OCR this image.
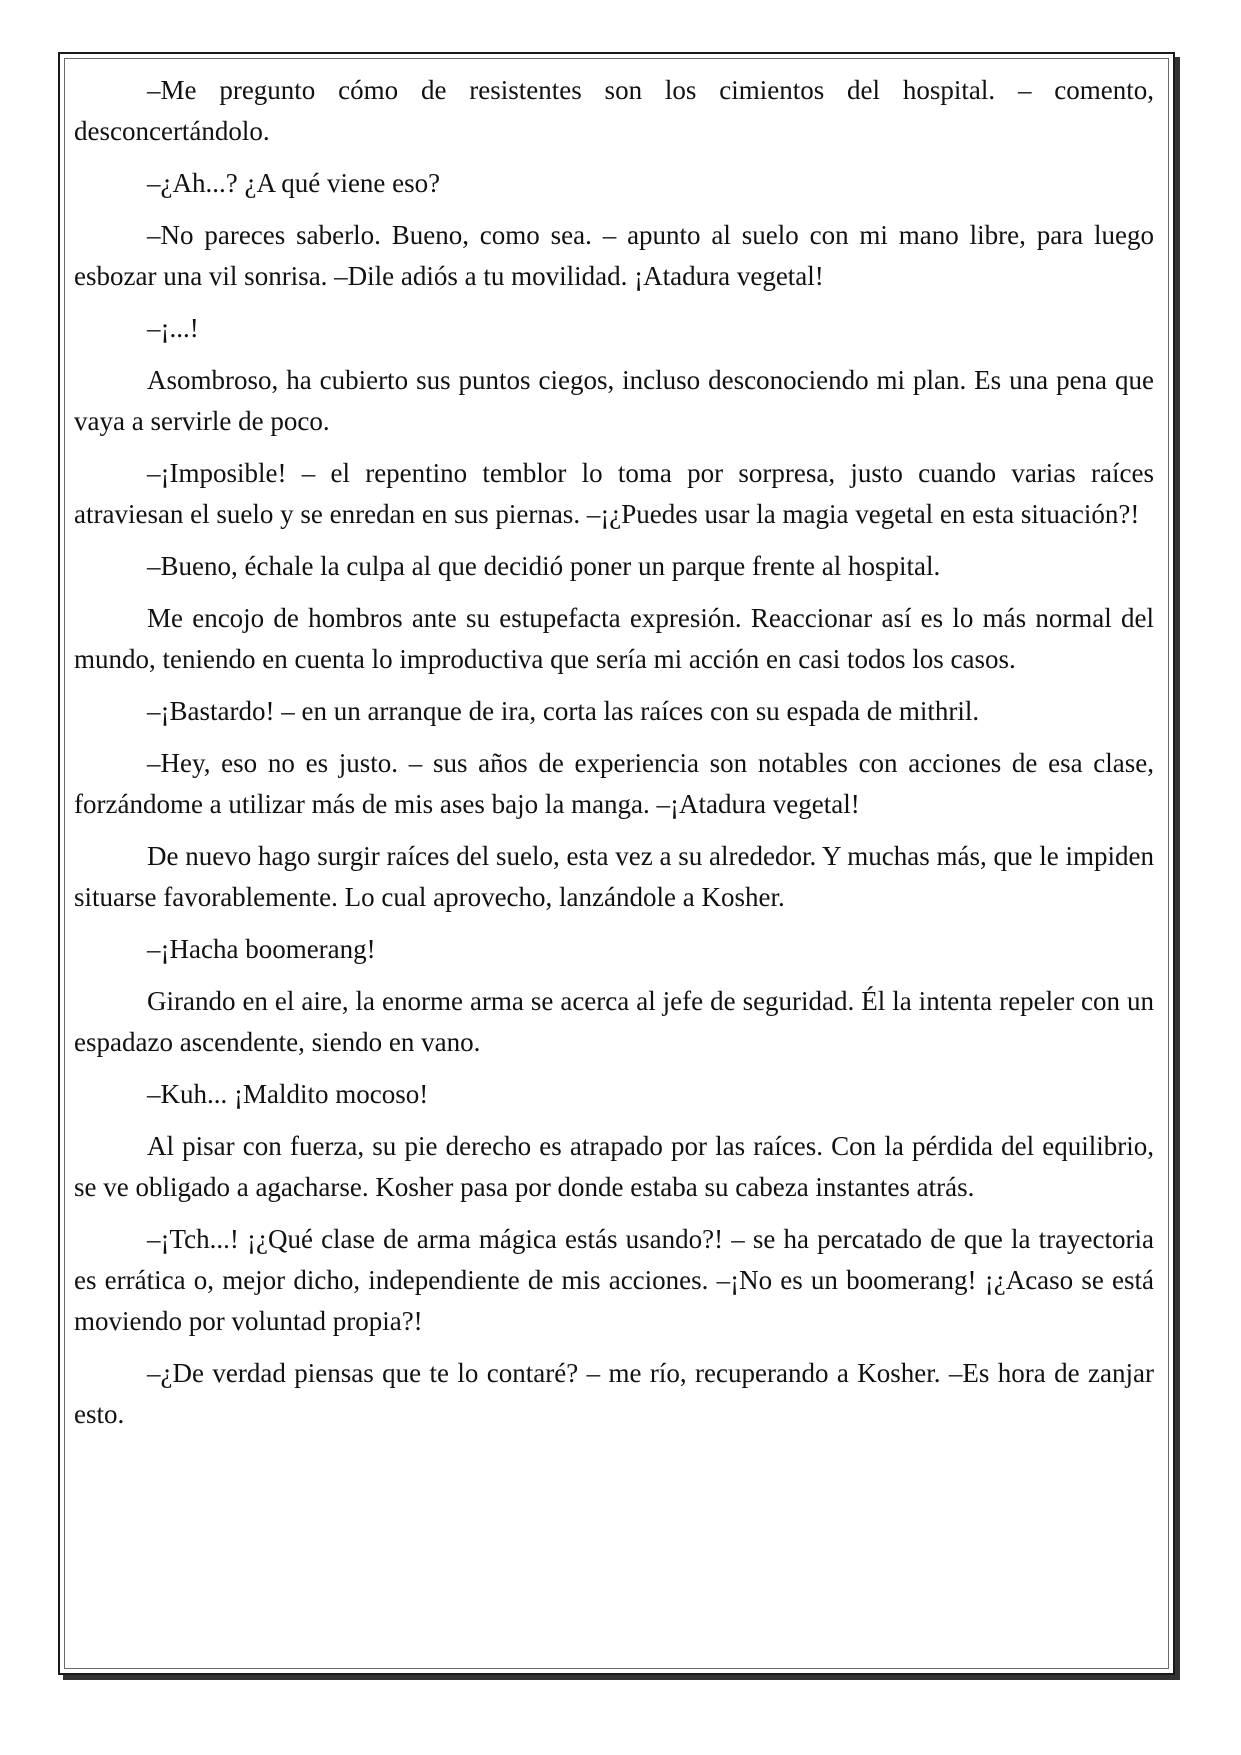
–Me pregunto cómo de resistentes son los cimientos del hospital. – comento, desconcertándolo.

–¿Ah...? ¿A qué viene eso?

–No pareces saberlo. Bueno, como sea. – apunto al suelo con mi mano libre, para luego esbozar una vil sonrisa. –Dile adiós a tu movilidad. ¡Atadura vegetal!

–¡...!

Asombroso, ha cubierto sus puntos ciegos, incluso desconociendo mi plan. Es una pena que vaya a servirle de poco.

–¡Imposible! – el repentino temblor lo toma por sorpresa, justo cuando varias raíces atraviesan el suelo y se enredan en sus piernas. –¡¿Puedes usar la magia vegetal en esta situación?!

–Bueno, échale la culpa al que decidió poner un parque frente al hospital.

Me encojo de hombros ante su estupefacta expresión. Reaccionar así es lo más normal del mundo, teniendo en cuenta lo improductiva que sería mi acción en casi todos los casos.

–¡Bastardo! – en un arranque de ira, corta las raíces con su espada de mithril.

–Hey, eso no es justo. – sus años de experiencia son notables con acciones de esa clase, forzándome a utilizar más de mis ases bajo la manga. –¡Atadura vegetal!

De nuevo hago surgir raíces del suelo, esta vez a su alrededor. Y muchas más, que le impiden situarse favorablemente. Lo cual aprovecho, lanzándole a Kosher.

–¡Hacha boomerang!

Girando en el aire, la enorme arma se acerca al jefe de seguridad. Él la intenta repeler con un espadazo ascendente, siendo en vano.

–Kuh... ¡Maldito mocoso!

Al pisar con fuerza, su pie derecho es atrapado por las raíces. Con la pérdida del equilibrio, se ve obligado a agacharse. Kosher pasa por donde estaba su cabeza instantes atrás.

–¡Tch...! ¡¿Qué clase de arma mágica estás usando?! – se ha percatado de que la trayectoria es errática o, mejor dicho, independiente de mis acciones. –¡No es un boomerang! ¡¿Acaso se está moviendo por voluntad propia?!

–¿De verdad piensas que te lo contaré? – me río, recuperando a Kosher. –Es hora de zanjar esto.
